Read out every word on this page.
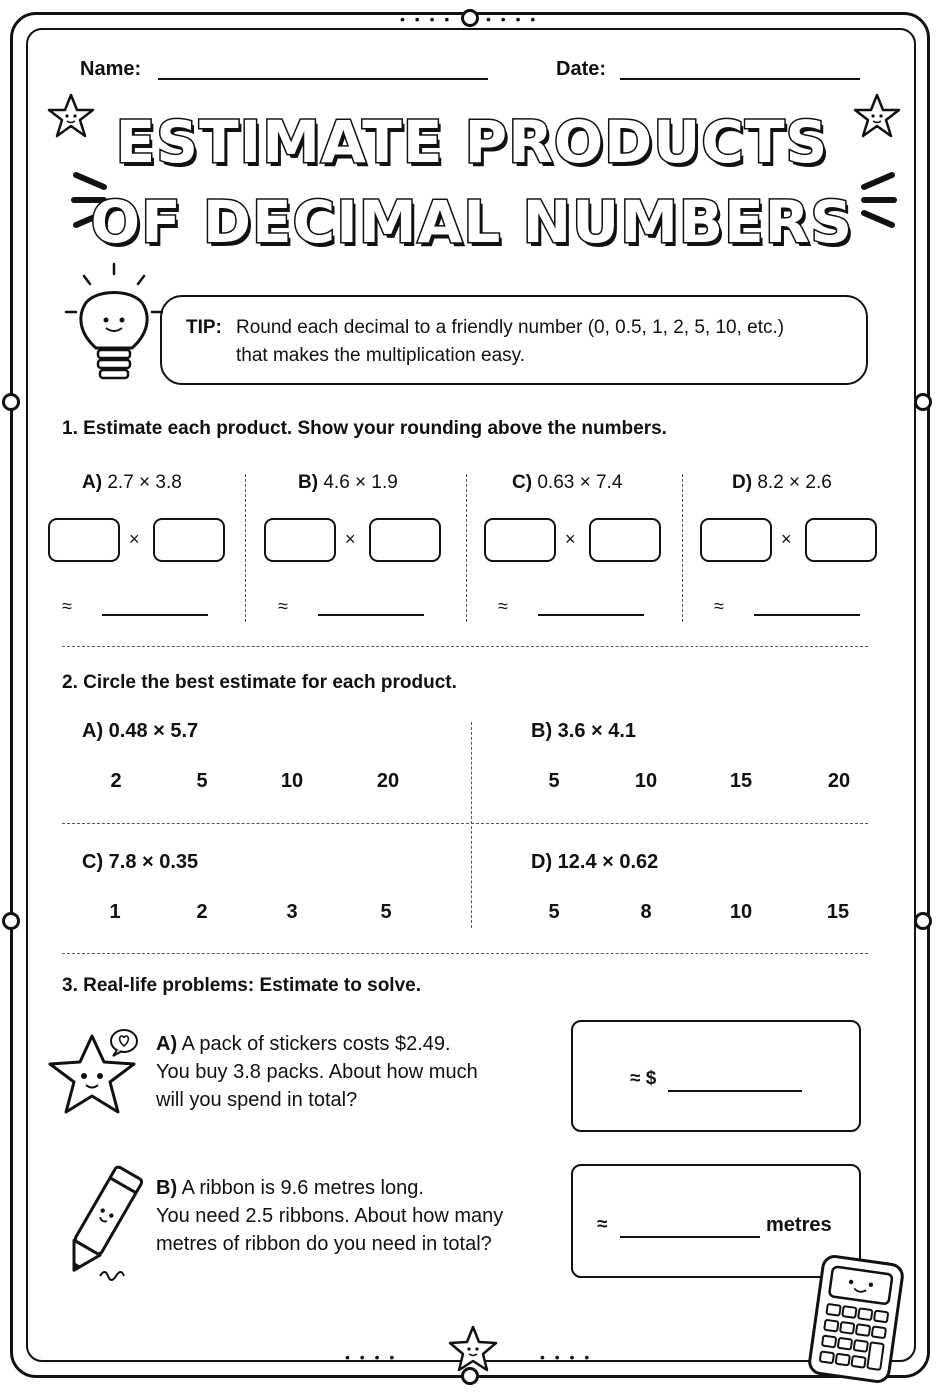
• • • • • • • •
• • • •	• • • •
Name:	Date:
ESTIMATE PRODUCTS
OF DECIMAL NUMBERS
TIP: Round each decimal to a friendly number (0, 0.5, 1, 2, 5, 10, etc.)
that makes the multiplication easy.
1. Estimate each product. Show your rounding above the numbers.
A) 2.7 × 3.8
×
≈
B) 4.6 × 1.9
×
≈
C) 0.63 × 7.4
×
≈
D) 8.2 × 2.6
×
≈
2. Circle the best estimate for each product.
A) 0.48 × 5.7
2	5	10	20
B) 3.6 × 4.1
5	10	15	20
C) 7.8 × 0.35
1	2	3	5
D) 12.4 × 0.62
5	8	10	15
3. Real-life problems: Estimate to solve.
A) A pack of stickers costs $2.49.
You buy 3.8 packs. About how much
will you spend in total?
≈ $
B) A ribbon is 9.6 metres long.
You need 2.5 ribbons. About how many
metres of ribbon do you need in total?
≈	metres
